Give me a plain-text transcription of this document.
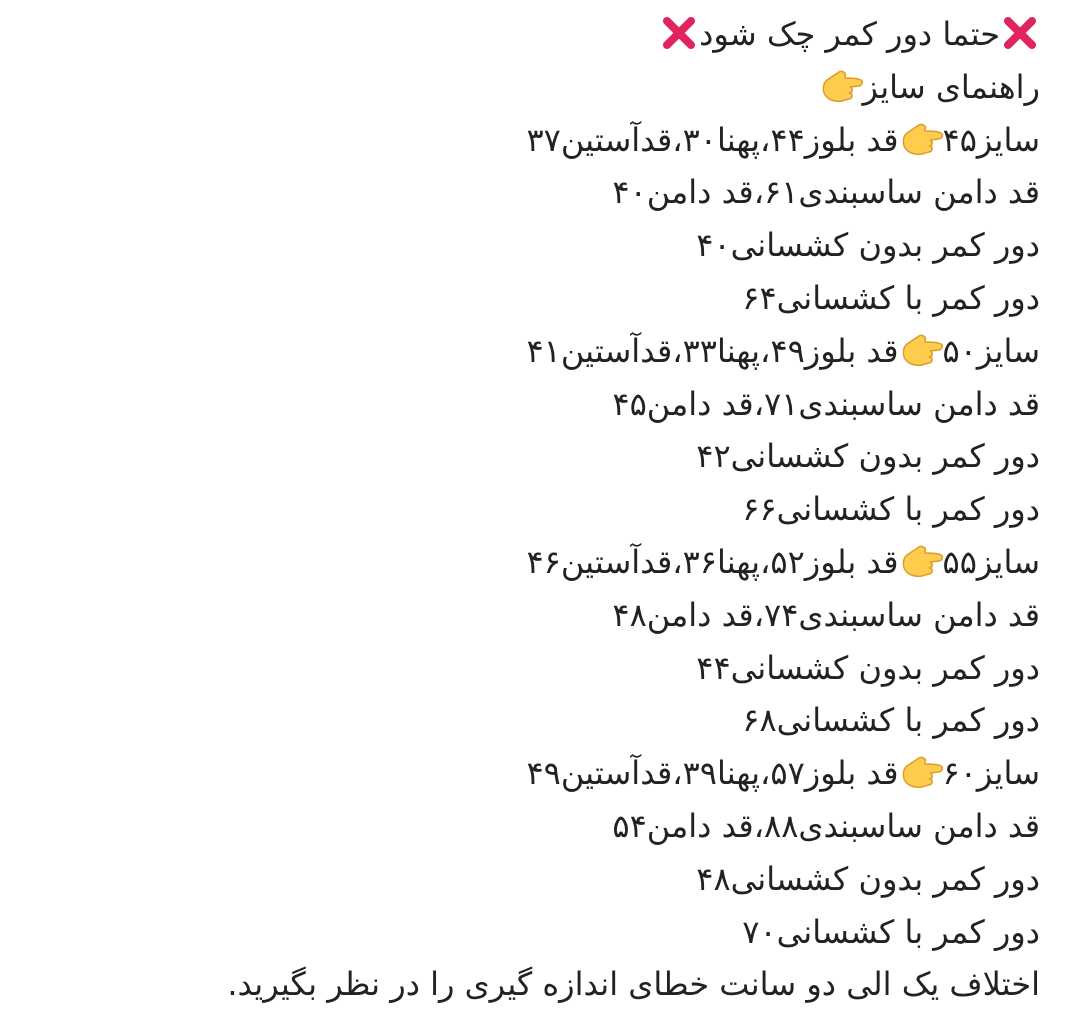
حتما دور کمر چک شود
راهنمای سایز
سایز۴۵قد بلوز۴۴،پهنا۳۰،قدآستین۳۷
قد دامن ساسبندی۶۱،قد دامن۴۰
دور کمر بدون کشسانی۴۰
دور کمر با کشسانی۶۴
سایز۵۰قد بلوز۴۹،پهنا۳۳،قدآستین۴۱
قد دامن ساسبندی۷۱،قد دامن۴۵
دور کمر بدون کشسانی۴۲
دور کمر با کشسانی۶۶
سایز۵۵قد بلوز۵۲،پهنا۳۶،قدآستین۴۶
قد دامن ساسبندی۷۴،قد دامن۴۸
دور کمر بدون کشسانی۴۴
دور کمر با کشسانی۶۸
سایز۶۰قد بلوز۵۷،پهنا۳۹،قدآستین۴۹
قد دامن ساسبندی۸۸،قد دامن۵۴
دور کمر بدون کشسانی۴۸
دور کمر با کشسانی۷۰
اختلاف یک الی دو سانت خطای اندازه گیری را در نظر بگیرید.
